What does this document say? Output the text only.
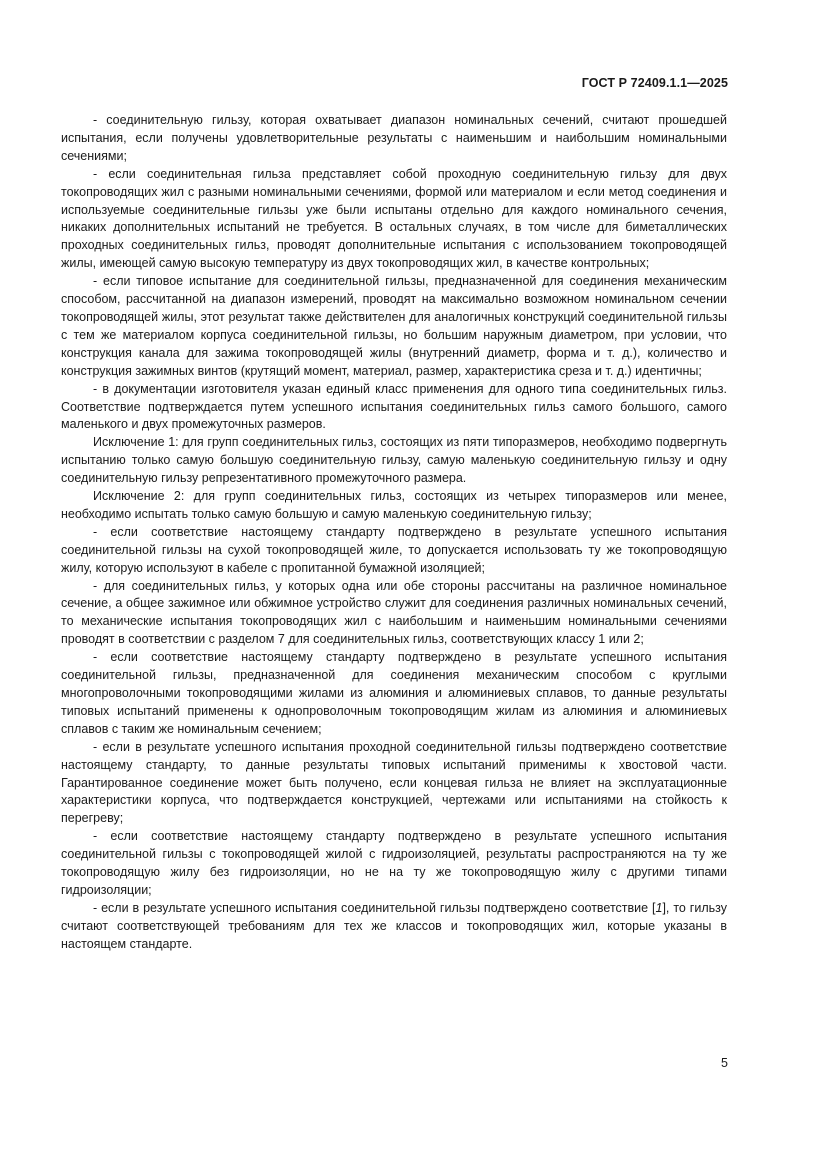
ГОСТ Р 72409.1.1—2025

- соединительную гильзу, которая охватывает диапазон номинальных сечений, считают прошедшей испытания, если получены удовлетворительные результаты с наименьшим и наибольшим номинальными сечениями;

- если соединительная гильза представляет собой проходную соединительную гильзу для двух токопроводящих жил с разными номинальными сечениями, формой или материалом и если метод соединения и используемые соединительные гильзы уже были испытаны отдельно для каждого номинального сечения, никаких дополнительных испытаний не требуется. В остальных случаях, в том числе для биметаллических проходных соединительных гильз, проводят дополнительные испытания с использованием токопроводящей жилы, имеющей самую высокую температуру из двух токопроводящих жил, в качестве контрольных;

- если типовое испытание для соединительной гильзы, предназначенной для соединения механическим способом, рассчитанной на диапазон измерений, проводят на максимально возможном номинальном сечении токопроводящей жилы, этот результат также действителен для аналогичных конструкций соединительной гильзы с тем же материалом корпуса соединительной гильзы, но большим наружным диаметром, при условии, что конструкция канала для зажима токопроводящей жилы (внутренний диаметр, форма и т. д.), количество и конструкция зажимных винтов (крутящий момент, материал, размер, характеристика среза и т. д.) идентичны;

- в документации изготовителя указан единый класс применения для одного типа соединительных гильз. Соответствие подтверждается путем успешного испытания соединительных гильз самого большого, самого маленького и двух промежуточных размеров.

Исключение 1: для групп соединительных гильз, состоящих из пяти типоразмеров, необходимо подвергнуть испытанию только самую большую соединительную гильзу, самую маленькую соединительную гильзу и одну соединительную гильзу репрезентативного промежуточного размера.

Исключение 2: для групп соединительных гильз, состоящих из четырех типоразмеров или менее, необходимо испытать только самую большую и самую маленькую соединительную гильзу;

- если соответствие настоящему стандарту подтверждено в результате успешного испытания соединительной гильзы на сухой токопроводящей жиле, то допускается использовать ту же токопроводящую жилу, которую используют в кабеле с пропитанной бумажной изоляцией;

- для соединительных гильз, у которых одна или обе стороны рассчитаны на различное номинальное сечение, а общее зажимное или обжимное устройство служит для соединения различных номинальных сечений, то механические испытания токопроводящих жил с наибольшим и наименьшим номинальными сечениями проводят в соответствии с разделом 7 для соединительных гильз, соответствующих классу 1 или 2;

- если соответствие настоящему стандарту подтверждено в результате успешного испытания соединительной гильзы, предназначенной для соединения механическим способом с круглыми многопроволочными токопроводящими жилами из алюминия и алюминиевых сплавов, то данные результаты типовых испытаний применены к однопроволочным токопроводящим жилам из алюминия и алюминиевых сплавов с таким же номинальным сечением;

- если в результате успешного испытания проходной соединительной гильзы подтверждено соответствие настоящему стандарту, то данные результаты типовых испытаний применимы к хвостовой части. Гарантированное соединение может быть получено, если концевая гильза не влияет на эксплуатационные характеристики корпуса, что подтверждается конструкцией, чертежами или испытаниями на стойкость к перегреву;

- если соответствие настоящему стандарту подтверждено в результате успешного испытания соединительной гильзы с токопроводящей жилой с гидроизоляцией, результаты распространяются на ту же токопроводящую жилу без гидроизоляции, но не на ту же токопроводящую жилу с другими типами гидроизоляции;

- если в результате успешного испытания соединительной гильзы подтверждено соответствие [1], то гильзу считают соответствующей требованиям для тех же классов и токопроводящих жил, которые указаны в настоящем стандарте.

5
